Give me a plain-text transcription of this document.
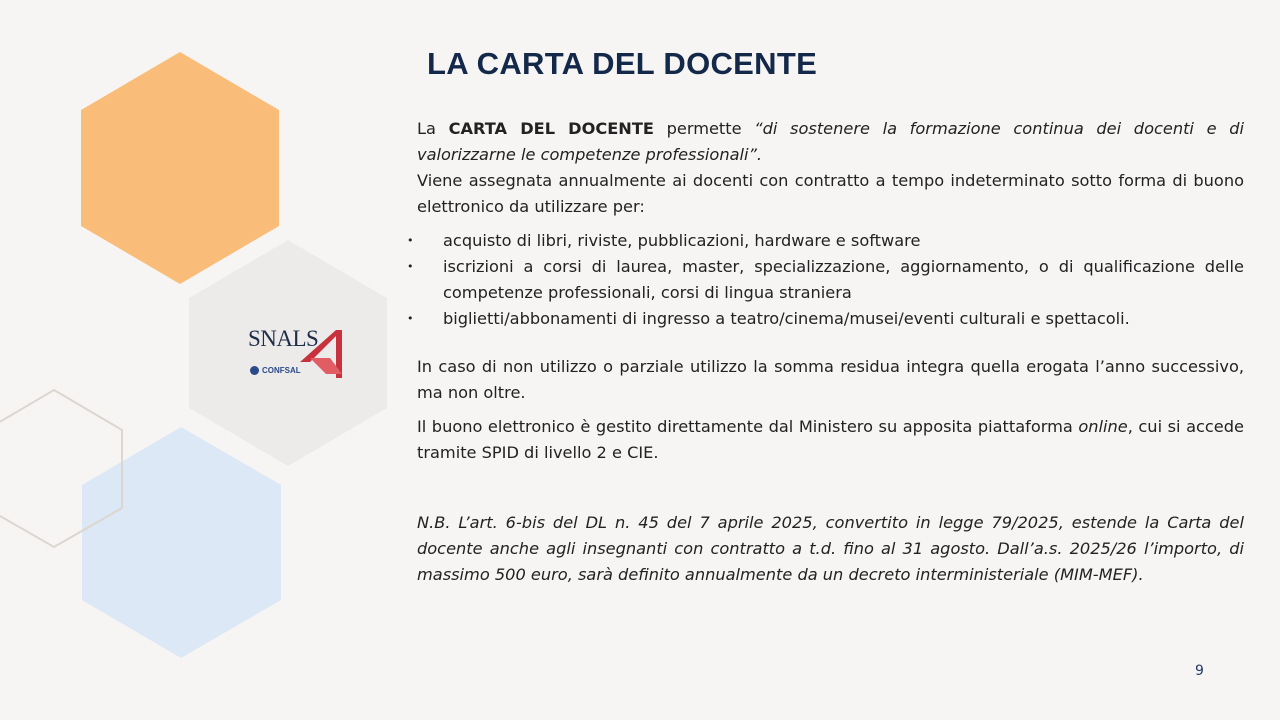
SNALS
CONFSAL
LA CARTA DEL DOCENTE

La CARTA DEL DOCENTE permette “di sostenere la formazione continua dei docenti e di valorizzarne le competenze professionali”.

Viene assegnata annualmente ai docenti con contratto a tempo indeterminato sotto forma di buono elettronico da utilizzare per:

• acquisto di libri, riviste, pubblicazioni, hardware e software
• iscrizioni a corsi di laurea, master, specializzazione, aggiornamento, o di qualificazione delle competenze professionali, corsi di lingua straniera
• biglietti/abbonamenti di ingresso a teatro/cinema/musei/eventi culturali e spettacoli.

In caso di non utilizzo o parziale utilizzo la somma residua integra quella erogata l’anno successivo, ma non oltre.

Il buono elettronico è gestito direttamente dal Ministero su apposita piattaforma online, cui si accede tramite SPID di livello 2 e CIE.

N.B. L’art. 6-bis del DL n. 45 del 7 aprile 2025, convertito in legge 79/2025, estende la Carta del docente anche agli insegnanti con contratto a t.d. fino al 31 agosto. Dall’a.s. 2025/26 l’importo, di massimo 500 euro, sarà definito annualmente da un decreto interministeriale (MIM-MEF).

9
